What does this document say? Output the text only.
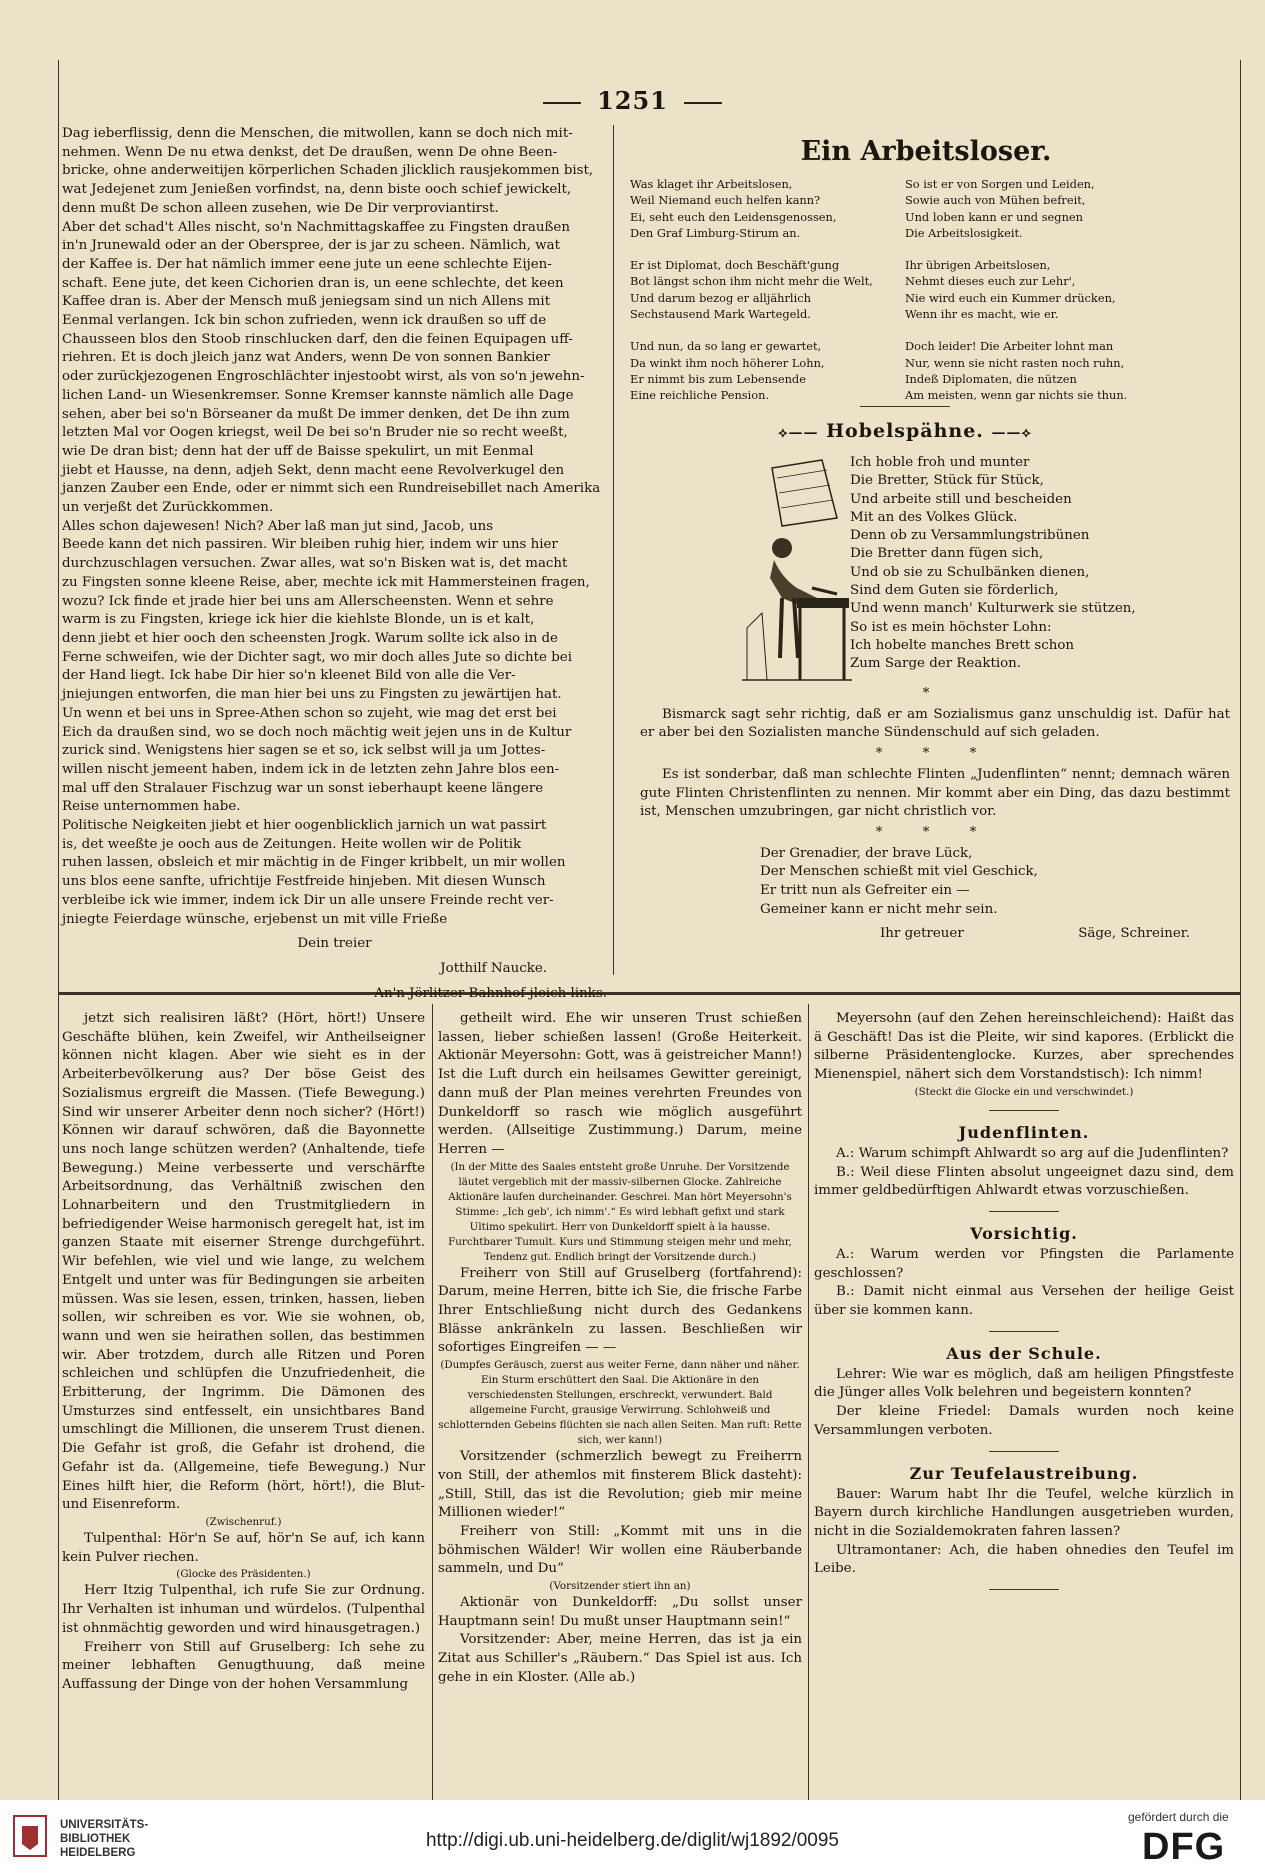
1251

Dag ieberflissig, denn die Menschen, die mitwollen, kann se doch nich mit-

nehmen. Wenn De nu etwa denkst, det De draußen, wenn De ohne Been-

bricke, ohne anderweitijen körperlichen Schaden jlicklich rausjekommen bist,

wat Jedejenet zum Jenießen vorfindst, na, denn biste ooch schief jewickelt,

denn mußt De schon alleen zusehen, wie De Dir verproviantirst.

Aber det schad't Alles nischt, so'n Nachmittagskaffee zu Fingsten draußen

in'n Jrunewald oder an der Oberspree, der is jar zu scheen. Nämlich, wat

der Kaffee is. Der hat nämlich immer eene jute un eene schlechte Eijen-

schaft. Eene jute, det keen Cichorien dran is, un eene schlechte, det keen

Kaffee dran is. Aber der Mensch muß jeniegsam sind un nich Allens mit

Eenmal verlangen. Ick bin schon zufrieden, wenn ick draußen so uff de

Chausseen blos den Stoob rinschlucken darf, den die feinen Equipagen uff-

riehren. Et is doch jleich janz wat Anders, wenn De von sonnen Bankier

oder zurückjezogenen Engroschlächter injestoobt wirst, als von so'n jewehn-

lichen Land- un Wiesenkremser. Sonne Kremser kannste nämlich alle Dage

sehen, aber bei so'n Börseaner da mußt De immer denken, det De ihn zum

letzten Mal vor Oogen kriegst, weil De bei so'n Bruder nie so recht weeßt,

wie De dran bist; denn hat der uff de Baisse spekulirt, un mit Eenmal

jiebt et Hausse, na denn, adjeh Sekt, denn macht eene Revolverkugel den

janzen Zauber een Ende, oder er nimmt sich een Rundreisebillet nach Amerika

un verjeßt det Zurückkommen.

Alles schon dajewesen! Nich? Aber laß man jut sind, Jacob, uns

Beede kann det nich passiren. Wir bleiben ruhig hier, indem wir uns hier

durchzuschlagen versuchen. Zwar alles, wat so'n Bisken wat is, det macht

zu Fingsten sonne kleene Reise, aber, mechte ick mit Hammersteinen fragen,

wozu? Ick finde et jrade hier bei uns am Allerscheensten. Wenn et sehre

warm is zu Fingsten, kriege ick hier die kiehlste Blonde, un is et kalt,

denn jiebt et hier ooch den scheensten Jrogk. Warum sollte ick also in de

Ferne schweifen, wie der Dichter sagt, wo mir doch alles Jute so dichte bei

der Hand liegt. Ick habe Dir hier so'n kleenet Bild von alle die Ver-

jniejungen entworfen, die man hier bei uns zu Fingsten zu jewärtijen hat.

Un wenn et bei uns in Spree-Athen schon so zujeht, wie mag det erst bei

Eich da draußen sind, wo se doch noch mächtig weit jejen uns in de Kultur

zurick sind. Wenigstens hier sagen se et so, ick selbst will ja um Jottes-

willen nischt jemeent haben, indem ick in de letzten zehn Jahre blos een-

mal uff den Stralauer Fischzug war un sonst ieberhaupt keene längere

Reise unternommen habe.

Politische Neigkeiten jiebt et hier oogenblicklich jarnich un wat passirt

is, det weeßte je ooch aus de Zeitungen. Heite wollen wir de Politik

ruhen lassen, obsleich et mir mächtig in de Finger kribbelt, un mir wollen

uns blos eene sanfte, ufrichtije Festfreide hinjeben. Mit diesen Wunsch

verbleibe ick wie immer, indem ick Dir un alle unsere Freinde recht ver-

jniegte Feierdage wünsche, erjebenst un mit ville Frieße

Dein treier

Jotthilf Naucke.

An'n Jörlitzer Bahnhof jleich links.

Ein Arbeitsloser.

Was klaget ihr Arbeitslosen,

Weil Niemand euch helfen kann?

Ei, seht euch den Leidensgenossen,

Den Graf Limburg-Stirum an.

Er ist Diplomat, doch Beschäft'gung

Bot längst schon ihm nicht mehr die Welt,

Und darum bezog er alljährlich

Sechstausend Mark Wartegeld.

Und nun, da so lang er gewartet,

Da winkt ihm noch höherer Lohn,

Er nimmt bis zum Lebensende

Eine reichliche Pension.

So ist er von Sorgen und Leiden,

Sowie auch von Mühen befreit,

Und loben kann er und segnen

Die Arbeitslosigkeit.

Ihr übrigen Arbeitslosen,

Nehmt dieses euch zur Lehr',

Nie wird euch ein Kummer drücken,

Wenn ihr es macht, wie er.

Doch leider! Die Arbeiter lohnt man

Nur, wenn sie nicht rasten noch ruhn,

Indeß Diplomaten, die nützen

Am meisten, wenn gar nichts sie thun.

⟡—— Hobelspähne. ——⟡

Ich hoble froh und munter

Die Bretter, Stück für Stück,

Und arbeite still und bescheiden

Mit an des Volkes Glück.

Denn ob zu Versammlungstribünen

Die Bretter dann fügen sich,

Und ob sie zu Schulbänken dienen,

Sind dem Guten sie förderlich,

Und wenn manch' Kulturwerk sie stützen,

So ist es mein höchster Lohn:

Ich hobelte manches Brett schon

Zum Sarge der Reaktion.

*

Bismarck sagt sehr richtig, daß er am Sozialismus ganz unschuldig ist. Dafür hat er aber bei den Sozialisten manche Sündenschuld auf sich geladen.

* * *

Es ist sonderbar, daß man schlechte Flinten „Judenflinten“ nennt; demnach wären gute Flinten Christenflinten zu nennen. Mir kommt aber ein Ding, das dazu bestimmt ist, Menschen umzubringen, gar nicht christlich vor.

* * *

Der Grenadier, der brave Lück,

Der Menschen schießt mit viel Geschick,

Er tritt nun als Gefreiter ein —

Gemeiner kann er nicht mehr sein.

Ihr getreuer	Säge, Schreiner.

jetzt sich realisiren läßt? (Hört, hört!) Unsere Geschäfte blühen, kein Zweifel, wir Antheilseigner können nicht klagen. Aber wie sieht es in der Arbeiterbevölkerung aus? Der böse Geist des Sozialismus ergreift die Massen. (Tiefe Bewegung.) Sind wir unserer Arbeiter denn noch sicher? (Hört!) Können wir darauf schwören, daß die Bayonnette uns noch lange schützen werden? (Anhaltende, tiefe Bewegung.) Meine verbesserte und verschärfte Arbeitsordnung, das Verhältniß zwischen den Lohnarbeitern und den Trustmitgliedern in befriedigender Weise harmonisch geregelt hat, ist im ganzen Staate mit eiserner Strenge durchgeführt. Wir befehlen, wie viel und wie lange, zu welchem Entgelt und unter was für Bedingungen sie arbeiten müssen. Was sie lesen, essen, trinken, hassen, lieben sollen, wir schreiben es vor. Wie sie wohnen, ob, wann und wen sie heirathen sollen, das bestimmen wir. Aber trotzdem, durch alle Ritzen und Poren schleichen und schlüpfen die Unzufriedenheit, die Erbitterung, der Ingrimm. Die Dämonen des Umsturzes sind entfesselt, ein unsichtbares Band umschlingt die Millionen, die unserem Trust dienen. Die Gefahr ist groß, die Gefahr ist drohend, die Gefahr ist da. (Allgemeine, tiefe Bewegung.) Nur Eines hilft hier, die Reform (hört, hört!), die Blut- und Eisenreform.

(Zwischenruf.)

Tulpenthal: Hör'n Se auf, hör'n Se auf, ich kann kein Pulver riechen.

(Glocke des Präsidenten.)

Herr Itzig Tulpenthal, ich rufe Sie zur Ordnung. Ihr Verhalten ist inhuman und würdelos. (Tulpenthal ist ohnmächtig geworden und wird hinausgetragen.)

Freiherr von Still auf Gruselberg: Ich sehe zu meiner lebhaften Genugthuung, daß meine Auffassung der Dinge von der hohen Versammlung

getheilt wird. Ehe wir unseren Trust schießen lassen, lieber schießen lassen! (Große Heiterkeit. Aktionär Meyersohn: Gott, was ä geistreicher Mann!) Ist die Luft durch ein heilsames Gewitter gereinigt, dann muß der Plan meines verehrten Freundes von Dunkeldorff so rasch wie möglich ausgeführt werden. (Allseitige Zustimmung.) Darum, meine Herren —

(In der Mitte des Saales entsteht große Unruhe. Der Vorsitzende läutet vergeblich mit der massiv-silbernen Glocke. Zahlreiche Aktionäre laufen durcheinander. Geschrei. Man hört Meyersohn's Stimme: „Ich geb', ich nimm'.“ Es wird lebhaft gefixt und stark Ultimo spekulirt. Herr von Dunkeldorff spielt à la hausse. Furchtbarer Tumult. Kurs und Stimmung steigen mehr und mehr, Tendenz gut. Endlich bringt der Vorsitzende durch.)

Freiherr von Still auf Gruselberg (fortfahrend): Darum, meine Herren, bitte ich Sie, die frische Farbe Ihrer Entschließung nicht durch des Gedankens Blässe ankränkeln zu lassen. Beschließen wir sofortiges Eingreifen — —

(Dumpfes Geräusch, zuerst aus weiter Ferne, dann näher und näher. Ein Sturm erschüttert den Saal. Die Aktionäre in den verschiedensten Stellungen, erschreckt, verwundert. Bald allgemeine Furcht, grausige Verwirrung. Schlohweiß und schlotternden Gebeins flüchten sie nach allen Seiten. Man ruft: Rette sich, wer kann!)

Vorsitzender (schmerzlich bewegt zu Freiherrn von Still, der athemlos mit finsterem Blick dasteht): „Still, Still, das ist die Revolution; gieb mir meine Millionen wieder!“

Freiherr von Still: „Kommt mit uns in die böhmischen Wälder! Wir wollen eine Räuberbande sammeln, und Du“

(Vorsitzender stiert ihn an)

Aktionär von Dunkeldorff: „Du sollst unser Hauptmann sein! Du mußt unser Hauptmann sein!“

Vorsitzender: Aber, meine Herren, das ist ja ein Zitat aus Schiller's „Räubern.“ Das Spiel ist aus. Ich gehe in ein Kloster. (Alle ab.)

Meyersohn (auf den Zehen hereinschleichend): Haißt das ä Geschäft! Das ist die Pleite, wir sind kapores. (Erblickt die silberne Präsidentenglocke. Kurzes, aber sprechendes Mienenspiel, nähert sich dem Vorstandstisch): Ich nimm!

(Steckt die Glocke ein und verschwindet.)

Judenflinten.

A.: Warum schimpft Ahlwardt so arg auf die Judenflinten?

B.: Weil diese Flinten absolut ungeeignet dazu sind, dem immer geldbedürftigen Ahlwardt etwas vorzuschießen.

Vorsichtig.

A.: Warum werden vor Pfingsten die Parlamente geschlossen?

B.: Damit nicht einmal aus Versehen der heilige Geist über sie kommen kann.

Aus der Schule.

Lehrer: Wie war es möglich, daß am heiligen Pfingstfeste die Jünger alles Volk belehren und begeistern konnten?

Der kleine Friedel: Damals wurden noch keine Versammlungen verboten.

Zur Teufelaustreibung.

Bauer: Warum habt Ihr die Teufel, welche kürzlich in Bayern durch kirchliche Handlungen ausgetrieben wurden, nicht in die Sozialdemokraten fahren lassen?

Ultramontaner: Ach, die haben ohnedies den Teufel im Leibe.

UNIVERSITÄTS-
BIBLIOTHEK
HEIDELBERG
http://digi.ub.uni-heidelberg.de/diglit/wj1892/0095
gefördert durch die
DFG
